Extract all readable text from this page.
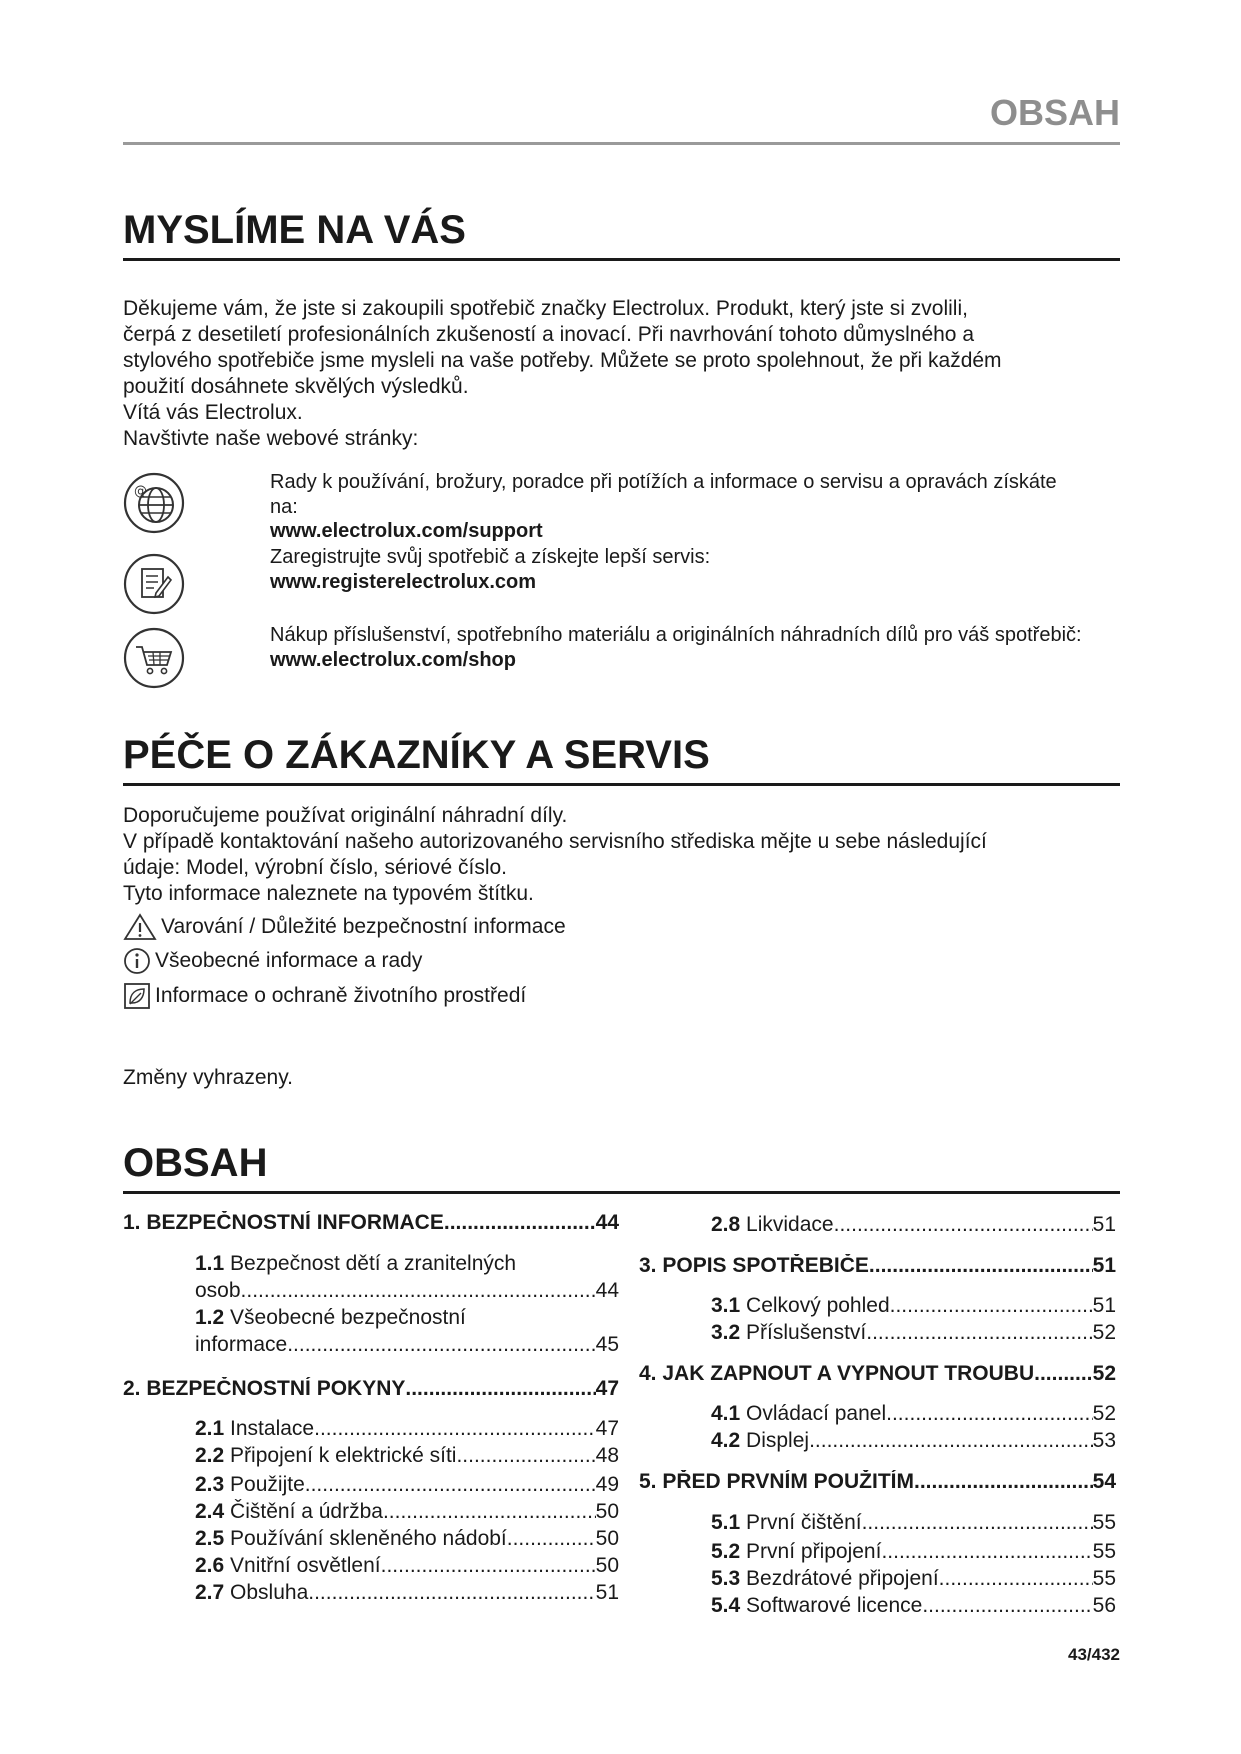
OBSAH
MYSLÍME NA VÁS
Děkujeme vám, že jste si zakoupili spotřebič značky Electrolux. Produkt, který jste si zvolili,
čerpá z desetiletí profesionálních zkušeností a inovací. Při navrhování tohoto důmyslného a
stylového spotřebiče jsme mysleli na vaše potřeby. Můžete se proto spolehnout, že při každém
použití dosáhnete skvělých výsledků.
Vítá vás Electrolux.
Navštivte naše webové stránky:
@	Rady k používání, brožury, poradce při potížích a informace o servisu a opravách získáte na:
www.electrolux.com/support
Zaregistrujte svůj spotřebič a získejte lepší servis:
www.registerelectrolux.com
Nákup příslušenství, spotřebního materiálu a originálních náhradních dílů pro váš spotřebič:
www.electrolux.com/shop
PÉČE O ZÁKAZNÍKY A SERVIS
Doporučujeme používat originální náhradní díly.
V případě kontaktování našeho autorizovaného servisního střediska mějte u sebe následující
údaje: Model, výrobní číslo, sériové číslo.
Tyto informace naleznete na typovém štítku.
Varování / Důležité bezpečnostní informace
Všeobecné informace a rady
Informace o ochraně životního prostředí
Změny vyhrazeny.
OBSAH
1. BEZPEČNOSTNÍ INFORMACE .....	44
1.1 Bezpečnost dětí a zranitelných
osob .....	44
1.2 Všeobecné bezpečnostní
informace .....	45
2. BEZPEČNOSTNÍ POKYNY .....	47
2.1 Instalace .....	47
2.2 Připojení k elektrické síti .....	48
2.3 Použijte .....	49
2.4 Čištění a údržba .....	50
2.5 Používání skleněného nádobí .....	50
2.6 Vnitřní osvětlení .....	50
2.7 Obsluha .....	51
2.8 Likvidace .....	51
3. POPIS SPOTŘEBIČE .....	51
3.1 Celkový pohled .....	51
3.2 Příslušenství .....	52
4. JAK ZAPNOUT A VYPNOUT TROUBU .....	52
4.1 Ovládací panel .....	52
4.2 Displej .....	53
5. PŘED PRVNÍM POUŽITÍM .....	54
5.1 První čištění .....	55
5.2 První připojení .....	55
5.3 Bezdrátové připojení .....	55
5.4 Softwarové licence .....	56
43/432
